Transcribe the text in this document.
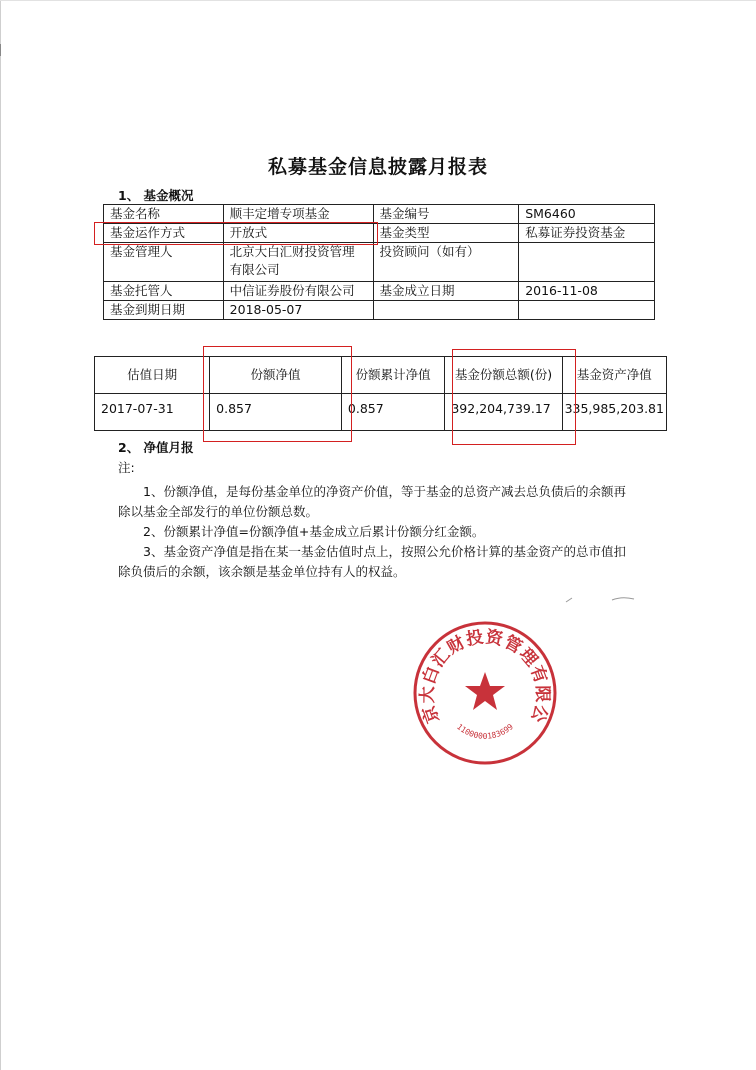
私募基金信息披露月报表
1、 基金概况
基金名称	顺丰定增专项基金	基金编号	SM6460
基金运作方式	开放式	基金类型	私募证券投资基金
基金管理人	北京大白汇财投资管理有限公司	投资顾问（如有）	
基金托管人	中信证券股份有限公司	基金成立日期	2016-11-08
基金到期日期	2018-05-07		
估值日期	份额净值	份额累计净值	基金份额总额(份)	基金资产净值
2017-07-31	0.857	0.857	392,204,739.17	335,985,203.81
2、 净值月报
注:

1、份额净值，是每份基金单位的净资产价值，等于基金的总资产减去总负债后的余额再除以基金全部发行的单位份额总数。

2、份额累计净值=份额净值+基金成立后累计份额分红金额。

3、基金资产净值是指在某一基金估值时点上，按照公允价格计算的基金资产的总市值扣除负债后的余额，该余额是基金单位持有人的权益。

京大白汇财投资管理有限公
1100000183699
